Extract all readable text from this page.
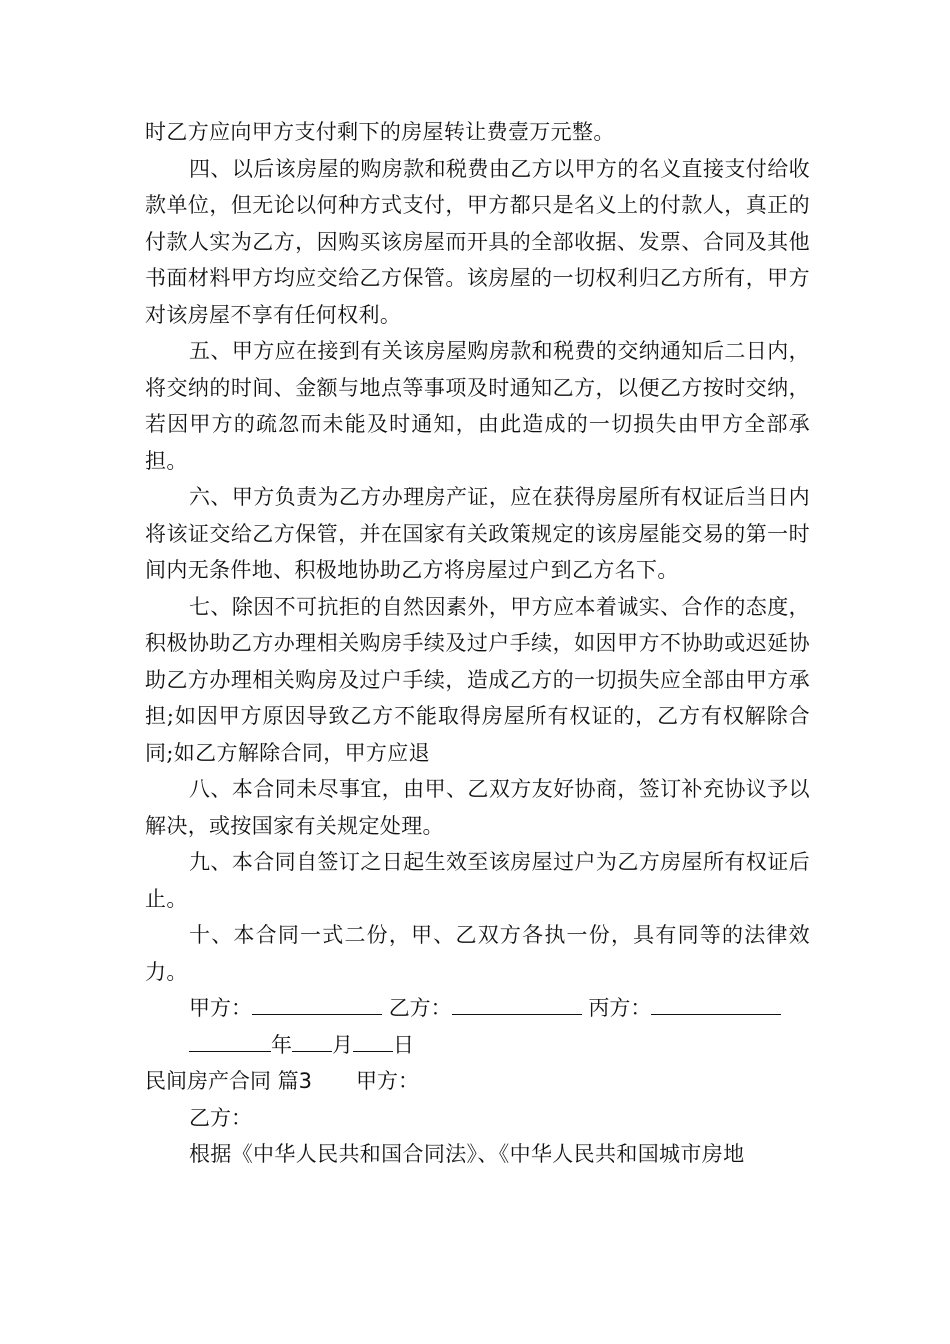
时乙方应向甲方支付剩下的房屋转让费壹万元整。

四、以后该房屋的购房款和税费由乙方以甲方的名义直接支付给收款单位，但无论以何种方式支付，甲方都只是名义上的付款人，真正的付款人实为乙方，因购买该房屋而开具的全部收据、发票、合同及其他书面材料甲方均应交给乙方保管。该房屋的一切权利归乙方所有，甲方对该房屋不享有任何权利。

五、甲方应在接到有关该房屋购房款和税费的交纳通知后二日内，将交纳的时间、金额与地点等事项及时通知乙方，以便乙方按时交纳，若因甲方的疏忽而未能及时通知，由此造成的一切损失由甲方全部承担。

六、甲方负责为乙方办理房产证，应在获得房屋所有权证后当日内将该证交给乙方保管，并在国家有关政策规定的该房屋能交易的第一时间内无条件地、积极地协助乙方将房屋过户到乙方名下。

七、除因不可抗拒的自然因素外，甲方应本着诚实、合作的态度，积极协助乙方办理相关购房手续及过户手续，如因甲方不协助或迟延协助乙方办理相关购房及过户手续，造成乙方的一切损失应全部由甲方承担;如因甲方原因导致乙方不能取得房屋所有权证的，乙方有权解除合同;如乙方解除合同，甲方应退

八、本合同未尽事宜，由甲、乙双方友好协商，签订补充协议予以解决，或按国家有关规定处理。

九、本合同自签订之日起生效至该房屋过户为乙方房屋所有权证后止。

十、本合同一式二份，甲、乙双方各执一份，具有同等的法律效力。

甲方：	乙方：	丙方：
年 月 日
民间房产合同 篇3 甲方：
乙方：

根据《中华人民共和国合同法》、《中华人民共和国城市房地
